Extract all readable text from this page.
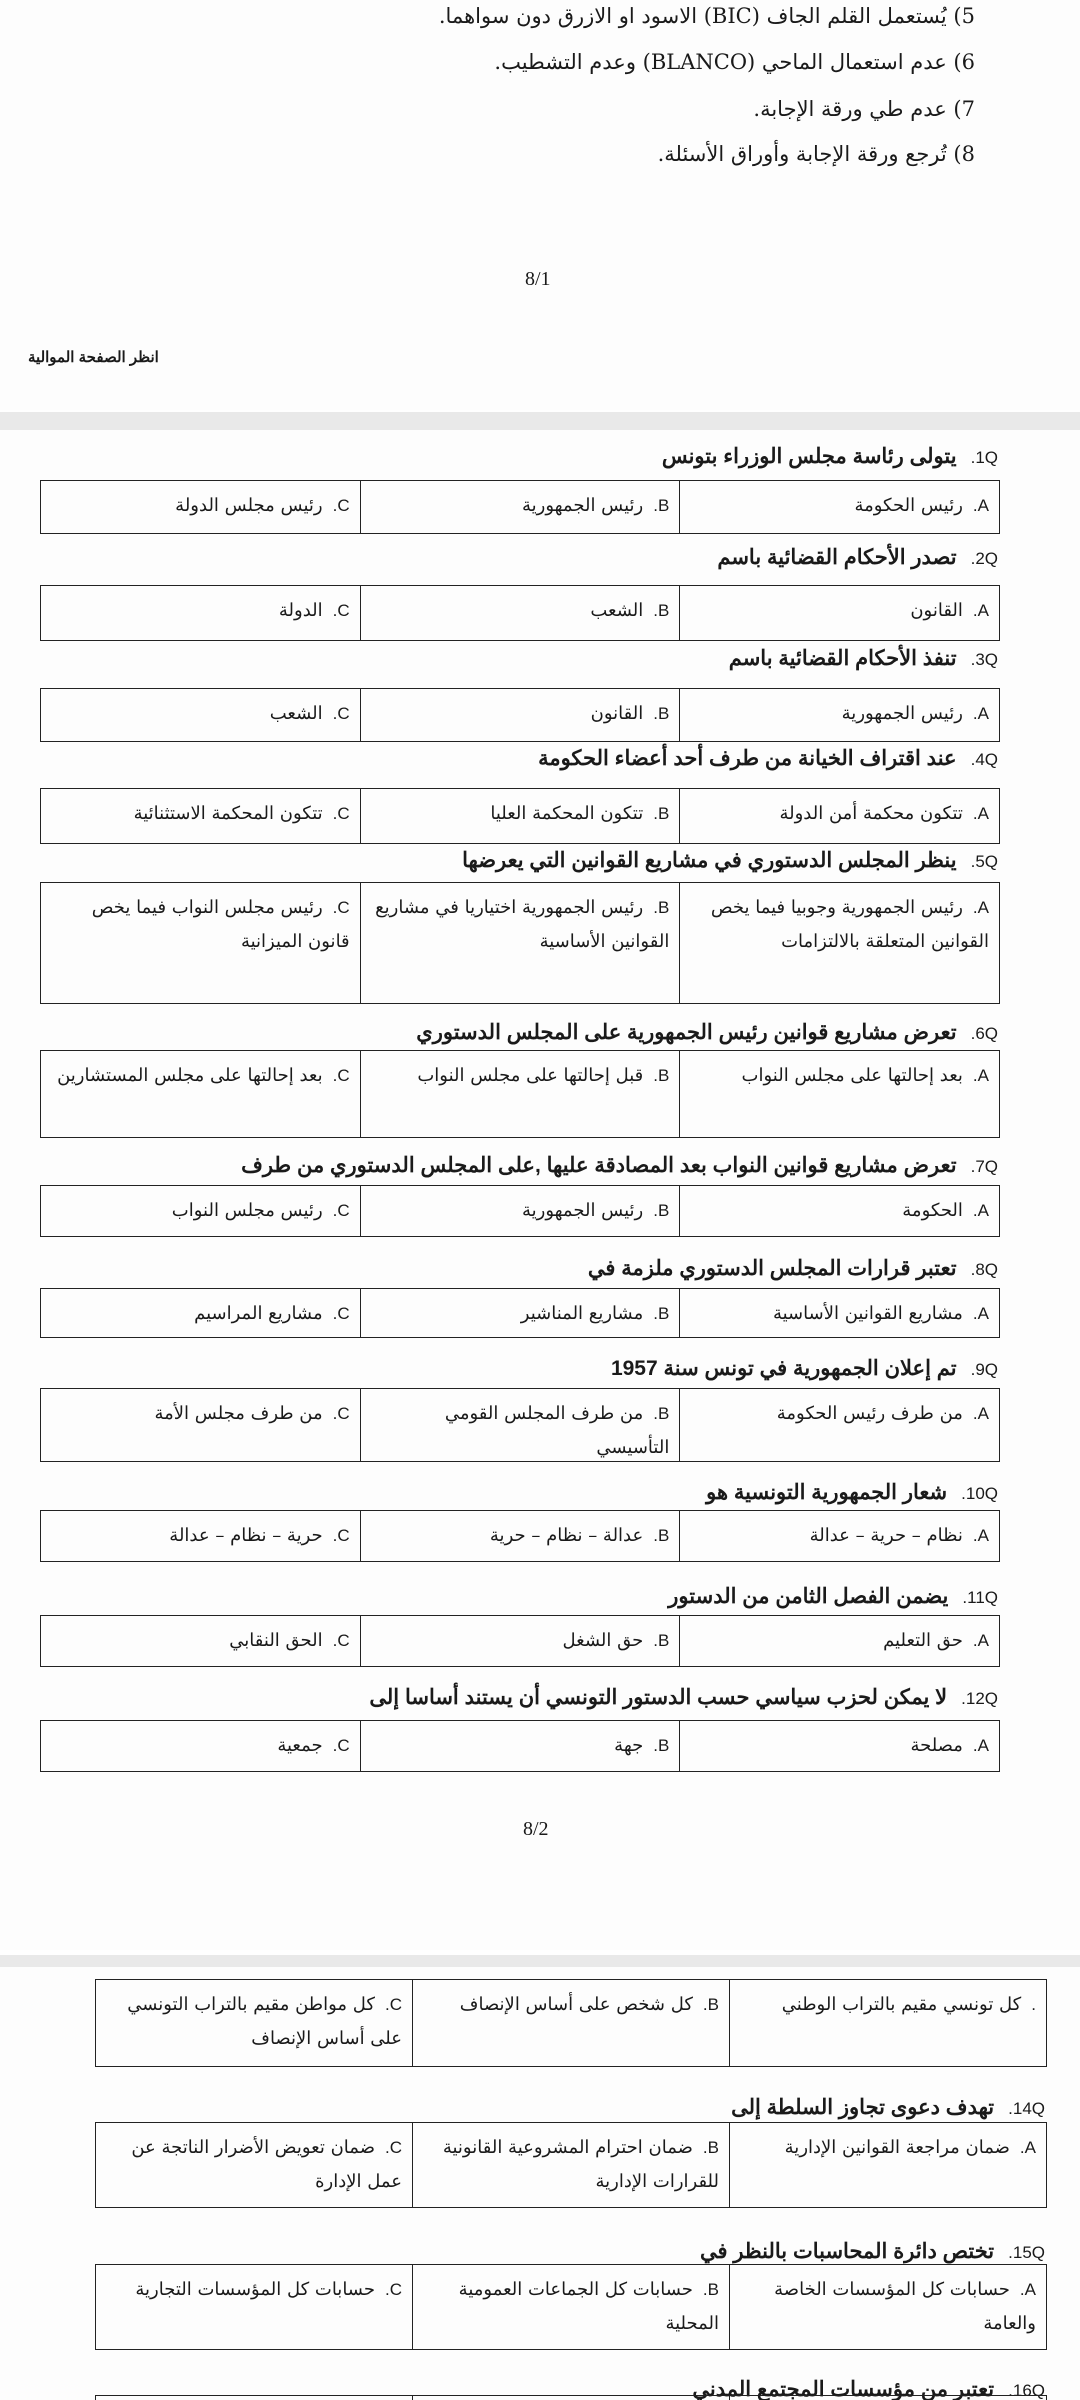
5) يُستعمل القلم الجاف (BIC) الاسود او الازرق دون سواهما.
6) عدم استعمال الماحي (BLANCO) وعدم التشطيب.
7) عدم طي ورقة الإجابة.
8) تُرجع ورقة الإجابة وأوراق الأسئلة.
8/1
انظر الصفحة الموالية
8/2
1Q.يتولى رئاسة مجلس الوزراء بتونس
A.رئيس الحكومة
B.رئيس الجمهورية
C.رئيس مجلس الدولة
2Q.تصدر الأحكام القضائية باسم
A.القانون
B.الشعب
C.الدولة
3Q.تنفذ الأحكام القضائية باسم
A.رئيس الجمهورية
B.القانون
C.الشعب
4Q.عند اقتراف الخيانة من طرف أحد أعضاء الحكومة
A.تتكون محكمة أمن الدولة
B.تتكون المحكمة العليا
C.تتكون المحكمة الاستثنائية
5Q.ينظر المجلس الدستوري في مشاريع القوانين التي يعرضها
A.رئيس الجمهورية وجوبيا فيما يخص القوانين المتعلقة بالالتزامات
B.رئيس الجمهورية اختياريا في مشاريع القوانين الأساسية
C.رئيس مجلس النواب فيما يخص قانون الميزانية
6Q.تعرض مشاريع قوانين رئيس الجمهورية على المجلس الدستوري
A.بعد إحالتها على مجلس النواب
B.قبل إحالتها على مجلس النواب
C.بعد إحالتها على مجلس المستشارين
7Q.تعرض مشاريع قوانين النواب بعد المصادقة عليها ,على المجلس الدستوري من طرف
A.الحكومة
B.رئيس الجمهورية
C.رئيس مجلس النواب
8Q.تعتبر قرارات المجلس الدستوري ملزمة في
A.مشاريع القوانين الأساسية
B.مشاريع المناشير
C.مشاريع المراسيم
9Q.تم إعلان الجمهورية في تونس سنة 1957
A.من طرف رئيس الحكومة
B.من طرف المجلس القومي التأسيسي
C.من طرف مجلس الأمة
10Q.شعار الجمهورية التونسية هو
A.نظام – حرية – عدالة
B.عدالة – نظام – حرية
C.حرية – نظام – عدالة
11Q.يضمن الفصل الثامن من الدستور
A.حق التعليم
B.حق الشغل
C.الحق النقابي
12Q.لا يمكن لحزب سياسي حسب الدستور التونسي أن يستند أساسا إلى
A.مصلحة
B.جهة
C.جمعية
.كل تونسي مقيم بالتراب الوطني
B.كل شخص على أساس الإنصاف
C.كل مواطن مقيم بالتراب التونسي على أساس الإنصاف
14Q.تهدف دعوى تجاوز السلطة إلى
A.ضمان مراجعة القوانين الإدارية
B.ضمان احترام المشروعية القانونية للقرارات الإدارية
C.ضمان تعويض الأضرار الناتجة عن عمل الإدارة
15Q.تختص دائرة المحاسبات بالنظر في
A.حسابات كل المؤسسات الخاصة والعامة
B.حسابات كل الجماعات العمومية المحلية
C.حسابات كل المؤسسات التجارية
16Q.تعتبر من مؤسسات المجتمع المدني
